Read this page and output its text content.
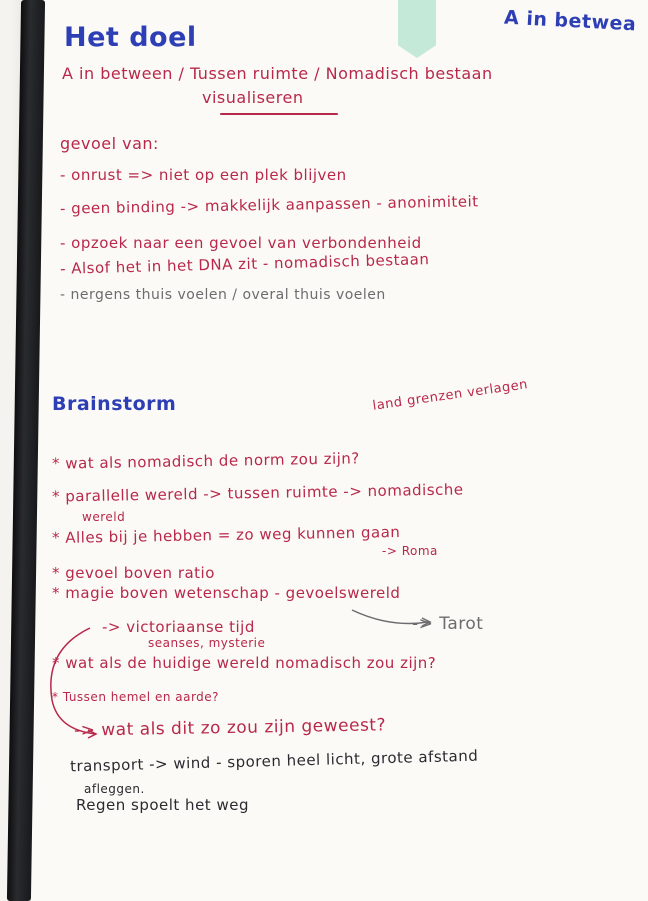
Het doel
A in betwea
A in between / Tussen ruimte / Nomadisch bestaan
visualiseren
gevoel van:
- onrust => niet op een plek blijven
- geen binding -> makkelijk aanpassen - anonimiteit
- opzoek naar een gevoel van verbondenheid
- Alsof het in het DNA zit - nomadisch bestaan
- nergens thuis voelen / overal thuis voelen
Brainstorm	land grenzen verlagen
* wat als nomadisch de norm zou zijn?
* parallelle wereld -> tussen ruimte -> nomadische
wereld
* Alles bij je hebben = zo weg kunnen gaan
-> Roma
* gevoel boven ratio
* magie boven wetenschap - gevoelswereld
-> victoriaanse tijd
seanses, mysterie
-> Tarot
* wat als de huidige wereld nomadisch zou zijn?
* Tussen hemel en aarde?
-> wat als dit zo zou zijn geweest?
transport -> wind - sporen heel licht, grote afstand
afleggen.
Regen spoelt het weg
